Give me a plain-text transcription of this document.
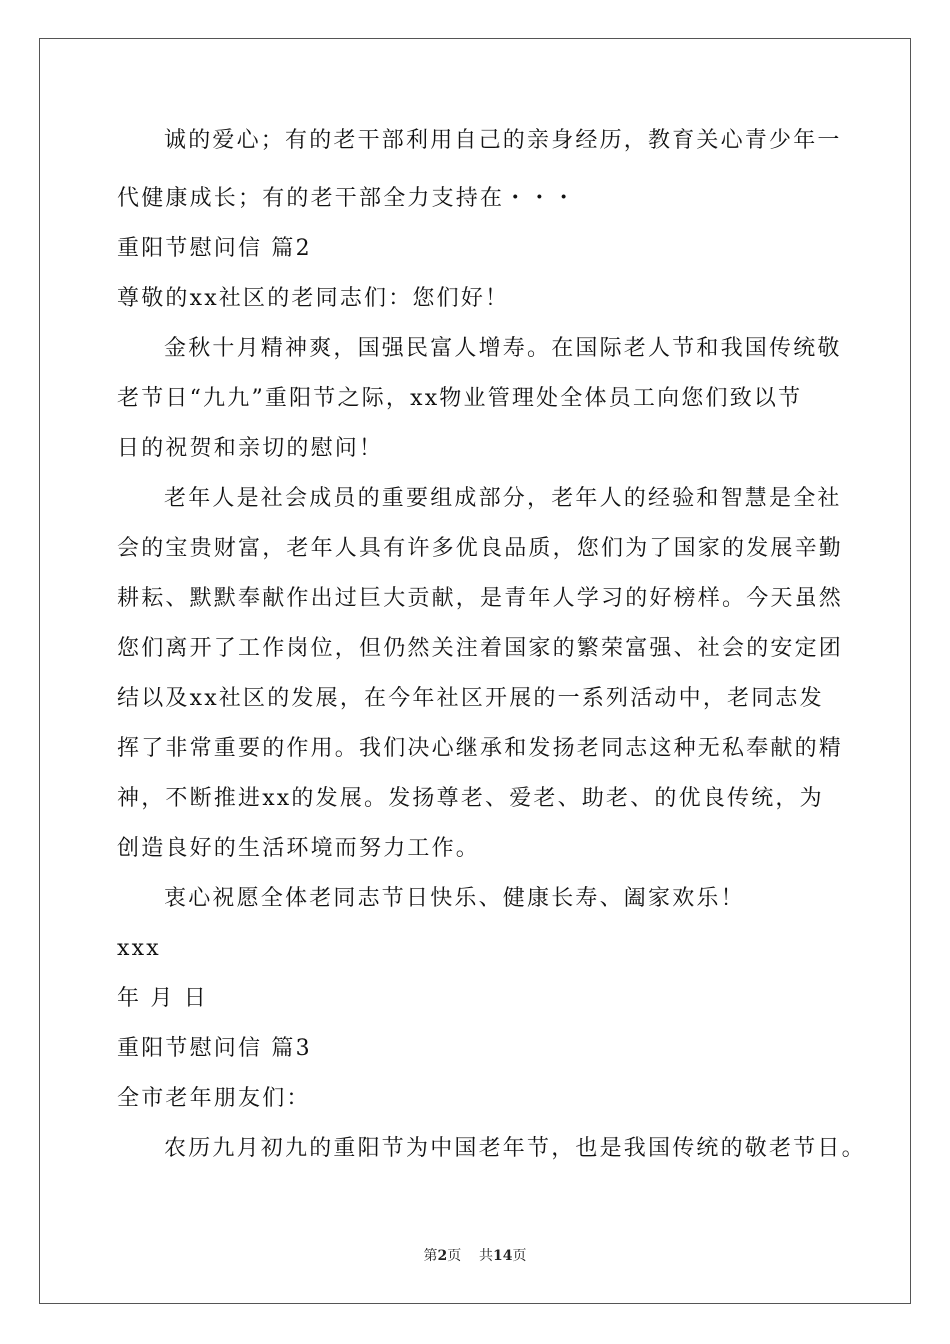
诚的爱心；有的老干部利用自己的亲身经历，教育关心青少年一
代健康成长；有的老干部全力支持在・・・
重阳节慰问信 篇2
尊敬的xx社区的老同志们：您们好！
金秋十月精神爽，国强民富人增寿。在国际老人节和我国传统敬
老节日“九九”重阳节之际，xx物业管理处全体员工向您们致以节
日的祝贺和亲切的慰问！
老年人是社会成员的重要组成部分，老年人的经验和智慧是全社
会的宝贵财富，老年人具有许多优良品质，您们为了国家的发展辛勤
耕耘、默默奉献作出过巨大贡献，是青年人学习的好榜样。今天虽然
您们离开了工作岗位，但仍然关注着国家的繁荣富强、社会的安定团
结以及xx社区的发展，在今年社区开展的一系列活动中，老同志发
挥了非常重要的作用。我们决心继承和发扬老同志这种无私奉献的精
神，不断推进xx的发展。发扬尊老、爱老、助老、的优良传统，为
创造良好的生活环境而努力工作。
衷心祝愿全体老同志节日快乐、健康长寿、阖家欢乐！
xxx
年 月 日
重阳节慰问信 篇3
全市老年朋友们：
农历九月初九的重阳节为中国老年节，也是我国传统的敬老节日。
第2页 共14页
